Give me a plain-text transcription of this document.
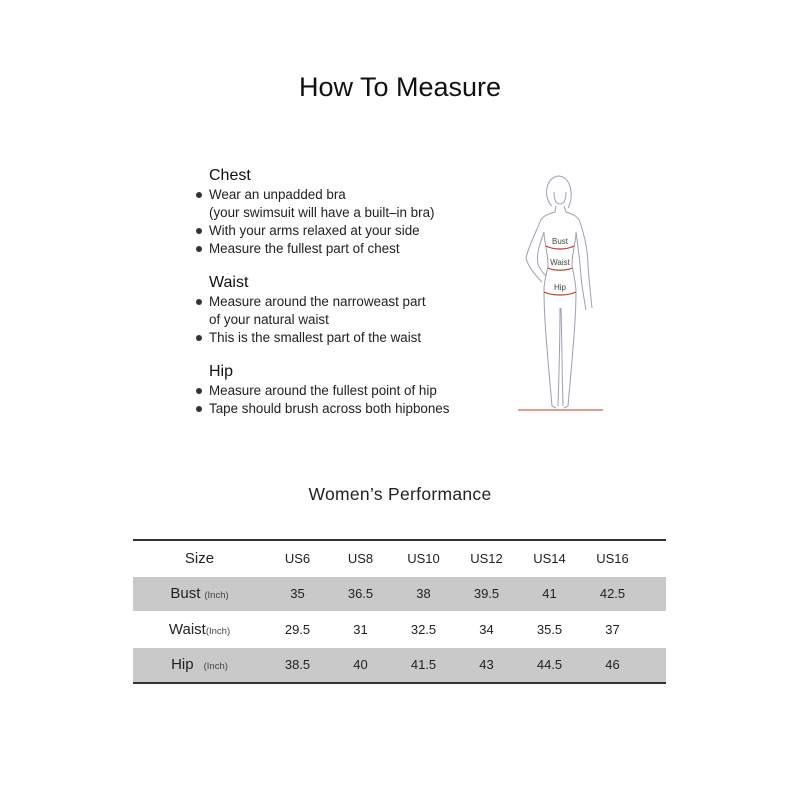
How To Measure
Chest
Wear an unpadded bra
(your swimsuit will have a built–in bra)
With your arms relaxed at your side
Measure the fullest part of chest
Waist
Measure around the narroweast part
of your natural waist
This is the smallest part of the waist
Hip
Measure around the fullest point of hip
Tape should brush across both hipbones
Bust
Waist
Hip
Women’s Performance
Size	US6	US8	US10	US12	US14	US16
Bust (Inch)	35	36.5	38	39.5	41	42.5
Waist(Inch)	29.5	31	32.5	34	35.5	37
Hip (Inch)	38.5	40	41.5	43	44.5	46
